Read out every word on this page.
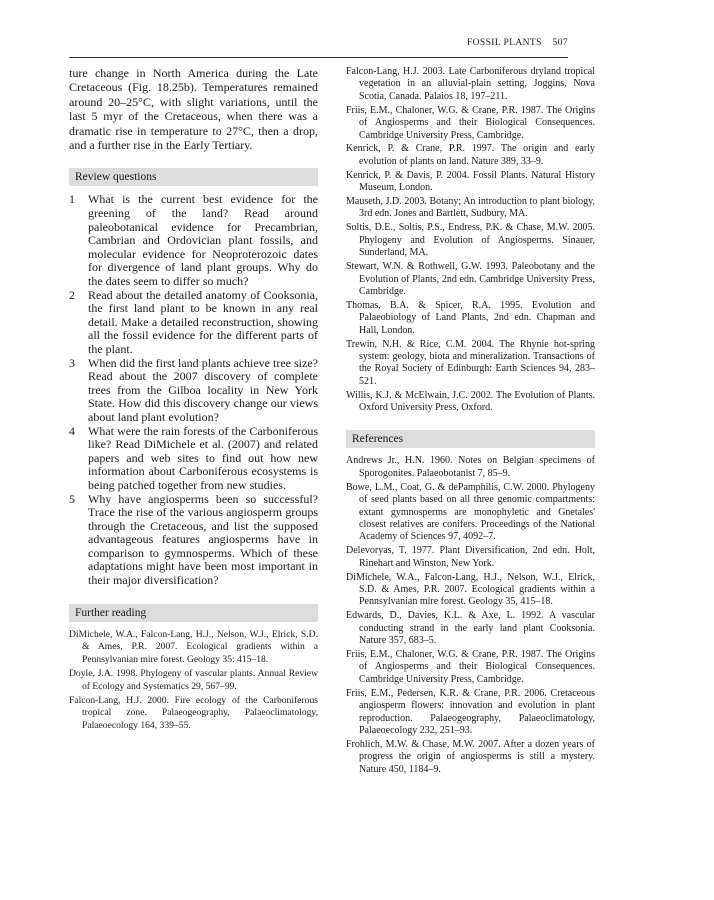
FOSSIL PLANTS 507

ture change in North America during the Late Cretaceous (Fig. 18.25b). Temperatures remained around 20–25°C, with slight variations, until the last 5 myr of the Cretaceous, when there was a dramatic rise in temperature to 27°C, then a drop, and a further rise in the Early Tertiary.

Review questions
1	What is the current best evidence for the greening of the land? Read around paleobotanical evidence for Precambrian, Cambrian and Ordovician plant fossils, and molecular evidence for Neoproterozoic dates for divergence of land plant groups. Why do the dates seem to differ so much?
2	Read about the detailed anatomy of Cooksonia, the first land plant to be known in any real detail. Make a detailed reconstruction, showing all the fossil evidence for the different parts of the plant.
3	When did the first land plants achieve tree size? Read about the 2007 discovery of complete trees from the Gilboa locality in New York State. How did this discovery change our views about land plant evolution?
4	What were the rain forests of the Carboniferous like? Read DiMichele et al. (2007) and related papers and web sites to find out how new information about Carboniferous ecosystems is being patched together from new studies.
5	Why have angiosperms been so successful? Trace the rise of the various angiosperm groups through the Cretaceous, and list the supposed advantageous features angiosperms have in comparison to gymnosperms. Which of these adaptations might have been most important in their major diversification?
Further reading
DiMichele, W.A., Falcon-Lang, H.J., Nelson, W.J., Elrick, S.D. & Ames, P.R. 2007. Ecological gradients within a Pennsylvanian mire forest. Geology 35: 415–18.
Doyle, J.A. 1998. Phylogeny of vascular plants. Annual Review of Ecology and Systematics 29, 567–99.
Falcon-Lang, H.J. 2000. Fire ecology of the Carboniferous tropical zone. Palaeogeography, Palaeoclimatology, Palaeoecology 164, 339–55.
Falcon-Lang, H.J. 2003. Late Carboniferous dryland tropical vegetation in an alluvial-plain setting, Joggins, Nova Scotia, Canada. Palaios 18, 197–211.
Friis, E.M., Chaloner, W.G. & Crane, P.R. 1987. The Origins of Angiosperms and their Biological Consequences. Cambridge University Press, Cambridge.
Kenrick, P. & Crane, P.R. 1997. The origin and early evolution of plants on land. Nature 389, 33–9.
Kenrick, P. & Davis, P. 2004. Fossil Plants. Natural History Museum, London.
Mauseth, J.D. 2003. Botany; An introduction to plant biology, 3rd edn. Jones and Bartlett, Sudbury, MA.
Soltis, D.E., Soltis, P.S., Endress, P.K. & Chase, M.W. 2005. Phylogeny and Evolution of Angiosperms. Sinauer, Sunderland, MA.
Stewart, W.N. & Rothwell, G.W. 1993. Paleobotany and the Evolution of Plants, 2nd edn. Cambridge University Press, Cambridge.
Thomas, B.A. & Spicer, R.A. 1995. Evolution and Palaeobiology of Land Plants, 2nd edn. Chapman and Hall, London.
Trewin, N.H. & Rice, C.M. 2004. The Rhynie hot-spring system: geology, biota and mineralization. Transactions of the Royal Society of Edinburgh: Earth Sciences 94, 283–521.
Willis, K.J. & McElwain, J.C. 2002. The Evolution of Plants. Oxford University Press, Oxford.
References
Andrews Jr., H.N. 1960. Notes on Belgian specimens of Sporogonites. Palaeobotanist 7, 85–9.
Bowe, L.M., Coat, G. & dePamphilis, C.W. 2000. Phylogeny of seed plants based on all three genomic compartments: extant gymnosperms are monophyletic and Gnetales' closest relatives are conifers. Proceedings of the National Academy of Sciences 97, 4092–7.
Delevoryas, T. 1977. Plant Diversification, 2nd edn. Holt, Rinehart and Winston, New York.
DiMichele, W.A., Falcon-Lang, H.J., Nelson, W.J., Elrick, S.D. & Ames, P.R. 2007. Ecological gradients within a Pennsylvanian mire forest. Geology 35, 415–18.
Edwards, D., Davies, K.L. & Axe, L. 1992. A vascular conducting strand in the early land plant Cooksonia. Nature 357, 683–5.
Friis, E.M., Chaloner, W.G. & Crane, P.R. 1987. The Origins of Angiosperms and their Biological Consequences. Cambridge University Press, Cambridge.
Friis, E.M., Pedersen, K.R. & Crane, P.R. 2006. Cretaceous angiosperm flowers: innovation and evolution in plant reproduction. Palaeogeography, Palaeoclimatology, Palaeoecology 232, 251–93.
Frohlich, M.W. & Chase, M.W. 2007. After a dozen years of progress the origin of angiosperms is still a mystery. Nature 450, 1184–9.
